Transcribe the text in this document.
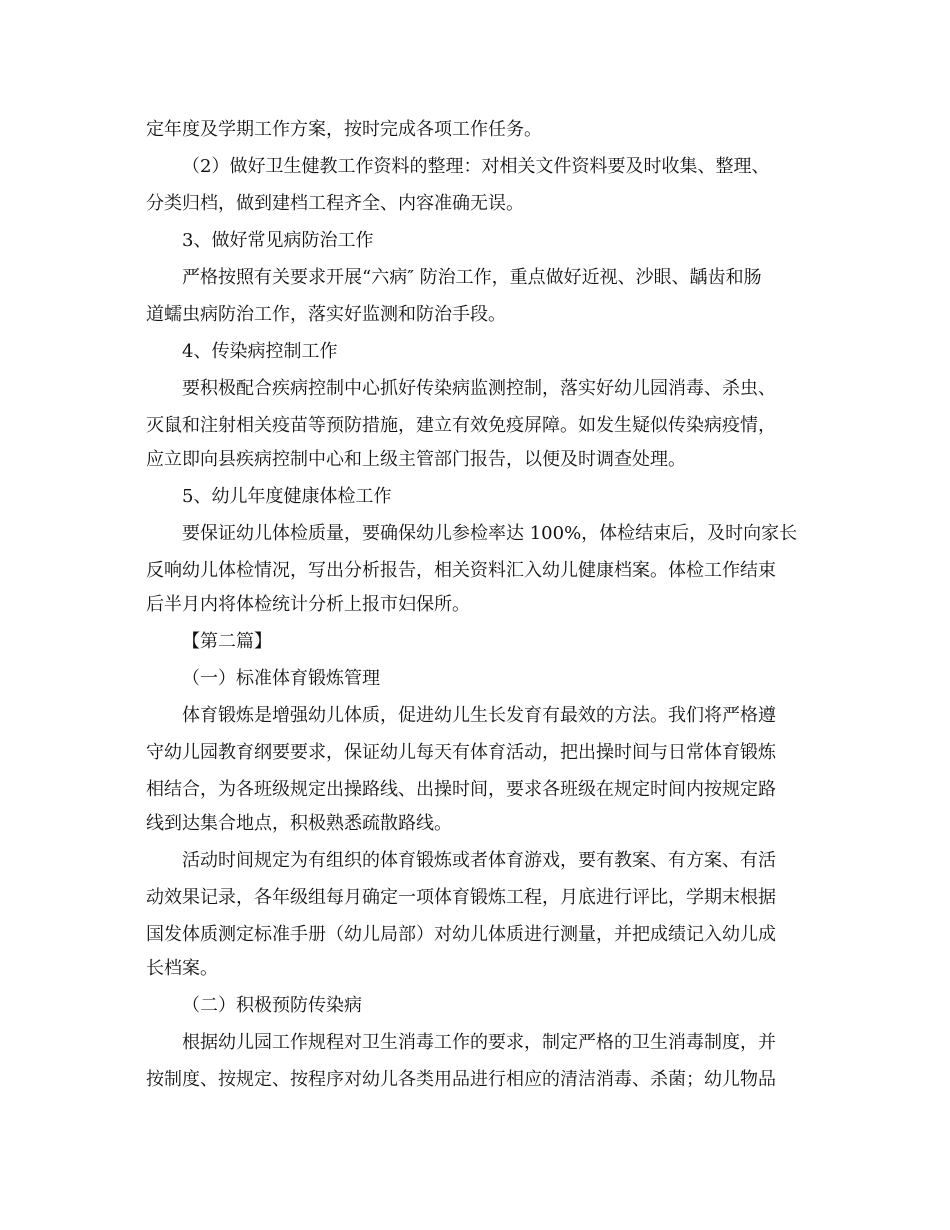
定年度及学期工作方案，按时完成各项工作任务。
（2）做好卫生健教工作资料的整理：对相关文件资料要及时收集、整理、
分类归档，做到建档工程齐全、内容准确无误。
3、做好常见病防治工作
严格按照有关要求开展“六病″ 防治工作，重点做好近视、沙眼、龋齿和肠
道蠕虫病防治工作，落实好监测和防治手段。
4、传染病控制工作
要积极配合疾病控制中心抓好传染病监测控制，落实好幼儿园消毒、杀虫、
灭鼠和注射相关疫苗等预防措施，建立有效免疫屏障。如发生疑似传染病疫情，
应立即向县疾病控制中心和上级主管部门报告，以便及时调查处理。
5、幼儿年度健康体检工作
要保证幼儿体检质量，要确保幼儿参检率达 100%，体检结束后，及时向家长
反响幼儿体检情况，写出分析报告，相关资料汇入幼儿健康档案。体检工作结束
后半月内将体检统计分析上报市妇保所。
【第二篇】
（一）标准体育锻炼管理
体育锻炼是增强幼儿体质，促进幼儿生长发育有最效的方法。我们将严格遵
守幼儿园教育纲要要求，保证幼儿每天有体育活动，把出操时间与日常体育锻炼
相结合，为各班级规定出操路线、出操时间，要求各班级在规定时间内按规定路
线到达集合地点，积极熟悉疏散路线。
活动时间规定为有组织的体育锻炼或者体育游戏，要有教案、有方案、有活
动效果记录，各年级组每月确定一项体育锻炼工程，月底进行评比，学期末根据
国发体质测定标准手册（幼儿局部）对幼儿体质进行测量，并把成绩记入幼儿成
长档案。
（二）积极预防传染病
根据幼儿园工作规程对卫生消毒工作的要求，制定严格的卫生消毒制度，并
按制度、按规定、按程序对幼儿各类用品进行相应的清洁消毒、杀菌；幼儿物品
